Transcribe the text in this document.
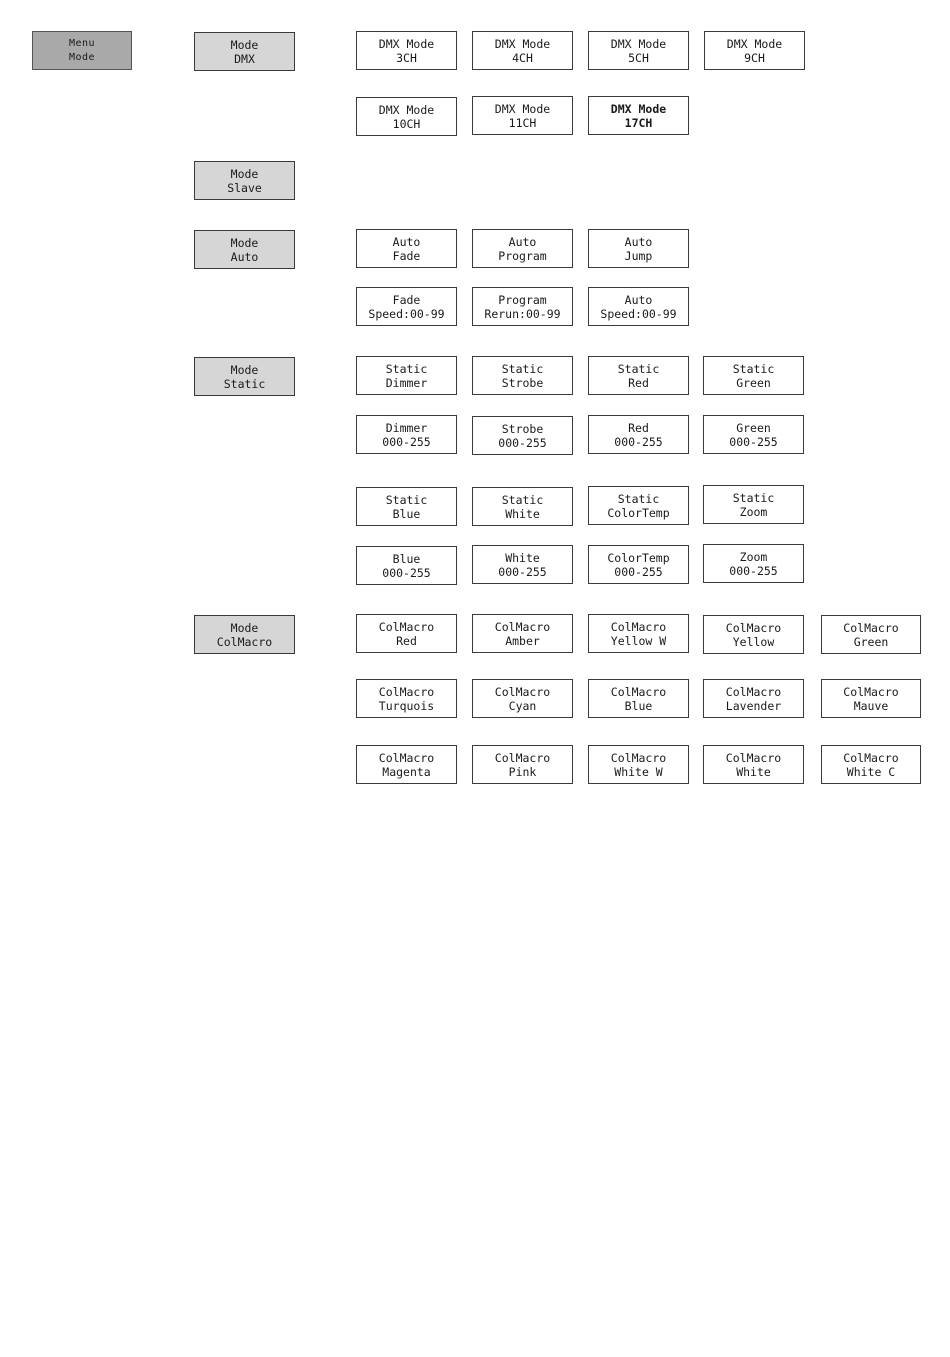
Menu
Mode
Mode
DMX
Mode
Slave
Mode
Auto
Mode
Static
Mode
ColMacro
DMX Mode
3CH
DMX Mode
4CH
DMX Mode
5CH
DMX Mode
9CH
DMX Mode
10CH
DMX Mode
11CH
DMX Mode
17CH
Auto
Fade
Auto
Program
Auto
Jump
Fade
Speed:00-99
Program
Rerun:00-99
Auto
Speed:00-99
Static
Dimmer
Static
Strobe
Static
Red
Static
Green
Dimmer
000-255
Strobe
000-255
Red
000-255
Green
000-255
Static
Blue
Static
White
Static
ColorTemp
Static
Zoom
Blue
000-255
White
000-255
ColorTemp
000-255
Zoom
000-255
ColMacro
Red
ColMacro
Amber
ColMacro
Yellow W
ColMacro
Yellow
ColMacro
Green
ColMacro
Turquois
ColMacro
Cyan
ColMacro
Blue
ColMacro
Lavender
ColMacro
Mauve
ColMacro
Magenta
ColMacro
Pink
ColMacro
White W
ColMacro
White
ColMacro
White C
